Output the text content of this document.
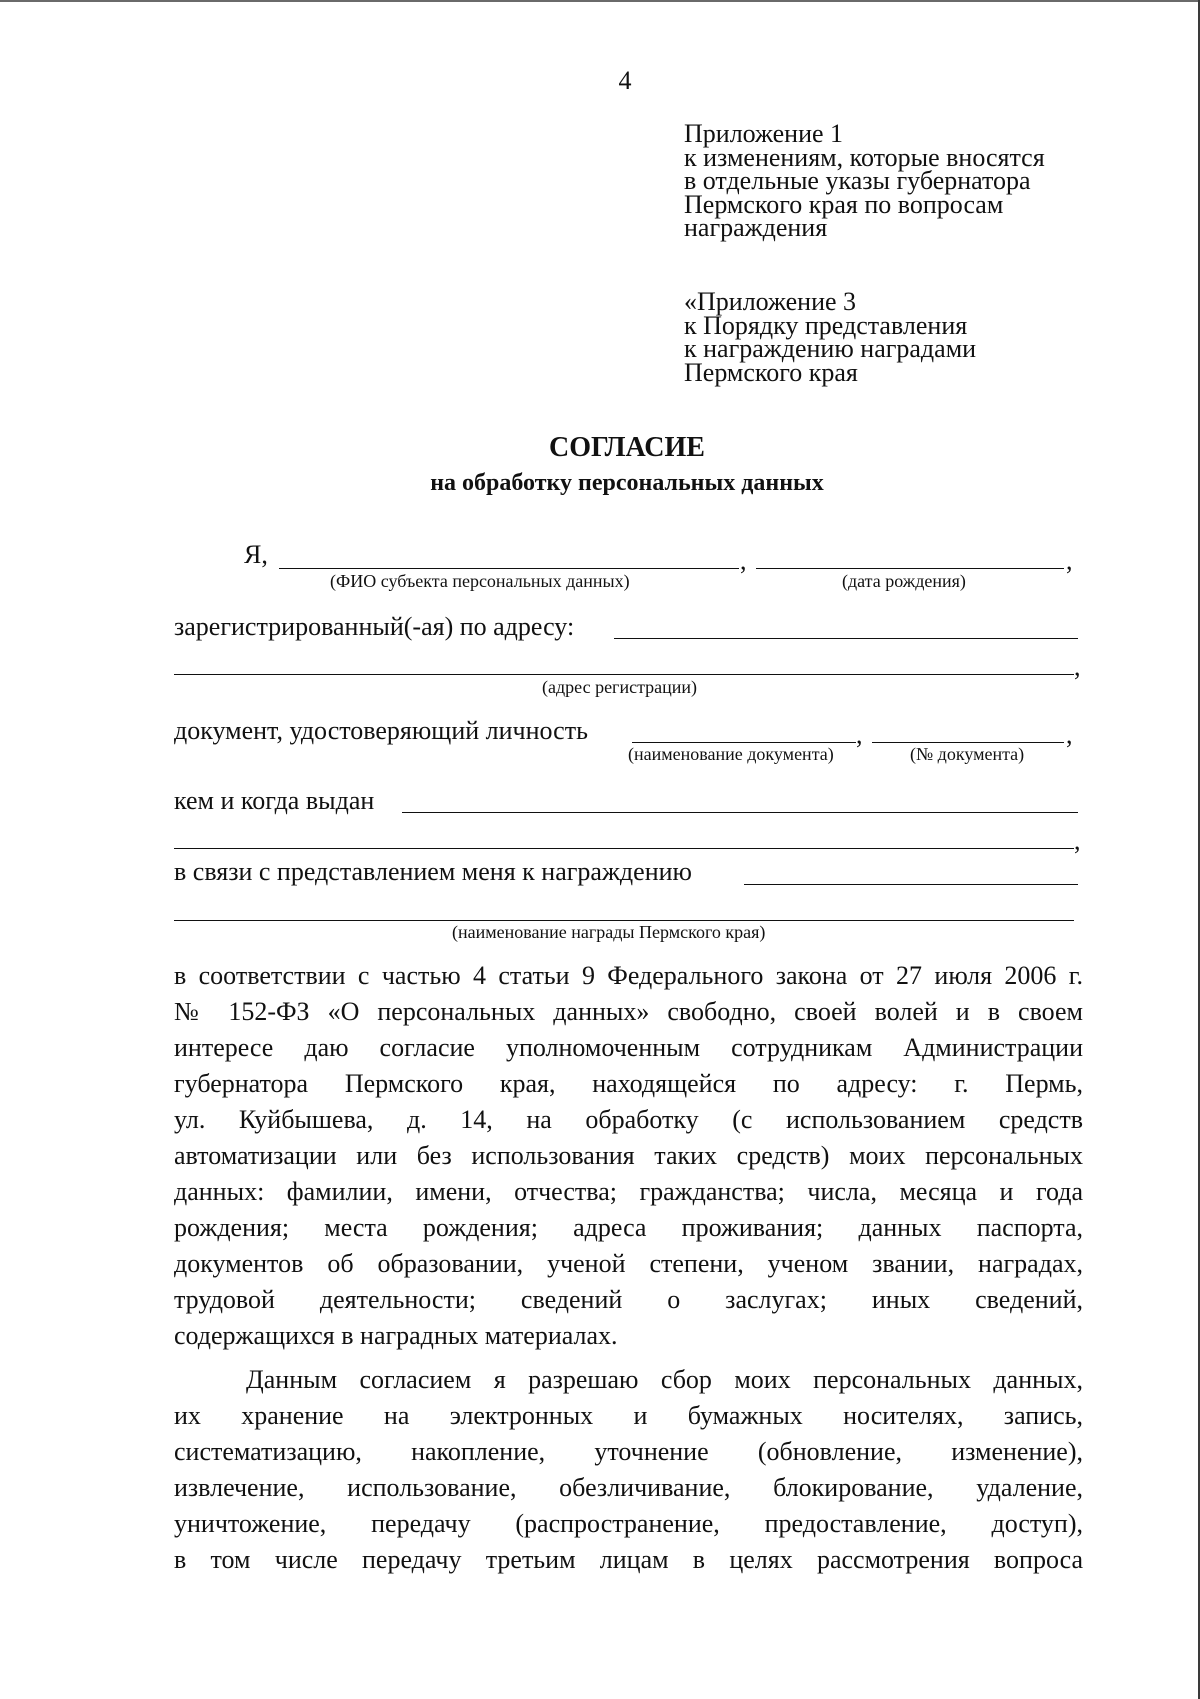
4
Приложение 1
к изменениям, которые вносятся
в отдельные указы губернатора
Пермского края по вопросам
награждения
«Приложение 3
к Порядку представления
к награждению наградами
Пермского края
СОГЛАСИЕ
на обработку персональных данных
Я,	,	,
(ФИО субъекта персональных данных)	(дата рождения)
зарегистрированный(-ая) по адресу:
,
(адрес регистрации)
документ, удостоверяющий личность	,	,
(наименование документа)	(№ документа)
кем и когда выдан
,
в связи с представлением меня к награждению
(наименование награды Пермского края)
в соответствии с частью 4 статьи 9 Федерального закона от 27 июля 2006 г.
№ 152-ФЗ «О персональных данных» свободно, своей волей и в своем
интересе даю согласие уполномоченным сотрудникам Администрации
губернатора Пермского края, находящейся по адресу: г. Пермь,
ул. Куйбышева, д. 14, на обработку (с использованием средств
автоматизации или без использования таких средств) моих персональных
данных: фамилии, имени, отчества; гражданства; числа, месяца и года
рождения; места рождения; адреса проживания; данных паспорта,
документов об образовании, ученой степени, ученом звании, наградах,
трудовой деятельности; сведений о заслугах; иных сведений,
содержащихся в наградных материалах.
Данным согласием я разрешаю сбор моих персональных данных,
их хранение на электронных и бумажных носителях, запись,
систематизацию, накопление, уточнение (обновление, изменение),
извлечение, использование, обезличивание, блокирование, удаление,
уничтожение, передачу (распространение, предоставление, доступ),
в том числе передачу третьим лицам в целях рассмотрения вопроса
